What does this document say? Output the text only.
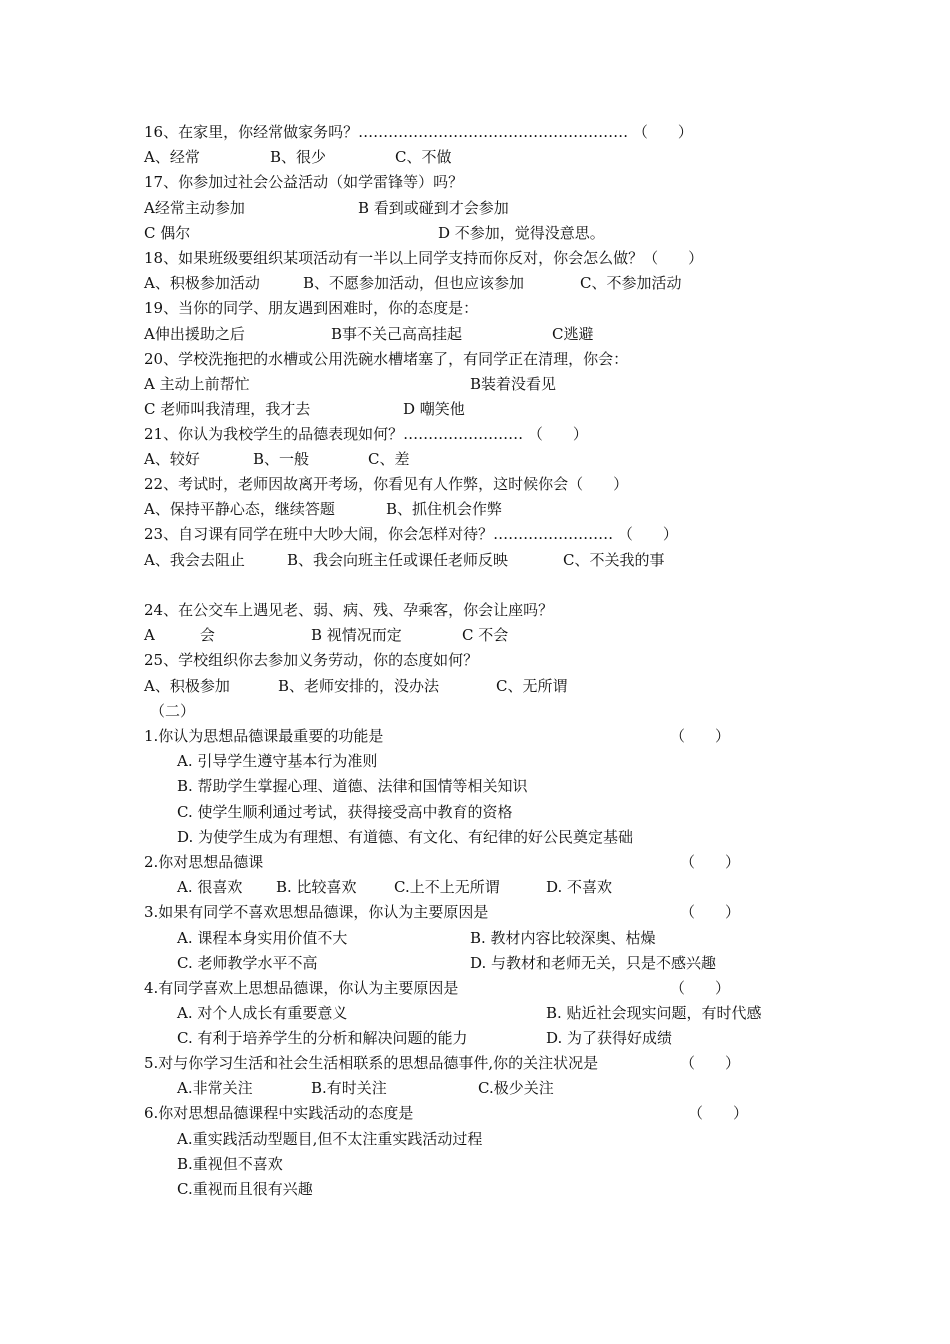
16、在家里，你经常做家务吗？……………………………………………… （　　）
A、经常	B、很少	C、不做
17、你参加过社会公益活动（如学雷锋等）吗？
A经常主动参加	B 看到或碰到才会参加
C 偶尔	D 不参加，觉得没意思。
18、如果班级要组织某项活动有一半以上同学支持而你反对，你会怎么做？（　　）
A、积极参加活动	B、不愿参加活动，但也应该参加	C、不参加活动
19、当你的同学、朋友遇到困难时，你的态度是：
A伸出援助之后	B事不关己高高挂起	C逃避
20、学校洗拖把的水槽或公用洗碗水槽堵塞了，有同学正在清理，你会：
A 主动上前帮忙	B装着没看见
C 老师叫我清理，我才去	D 嘲笑他
21、你认为我校学生的品德表现如何？…………………… （　　）
A、较好	B、一般	C、差
22、考试时，老师因故离开考场，你看见有人作弊，这时候你会（　　）
A、保持平静心态，继续答题	B、抓住机会作弊
23、自习课有同学在班中大吵大闹，你会怎样对待？…………………… （　　）
A、我会去阻止	B、我会向班主任或课任老师反映	C、不关我的事
24、在公交车上遇见老、弱、病、残、孕乘客，你会让座吗？
A　　　会	B 视情况而定	C 不会
25、学校组织你去参加义务劳动，你的态度如何？
A、积极参加	B、老师安排的，没办法	C、无所谓
（二）
1.你认为思想品德课最重要的功能是	（　　）
A. 引导学生遵守基本行为准则
B. 帮助学生掌握心理、道德、法律和国情等相关知识
C. 使学生顺利通过考试，获得接受高中教育的资格
D. 为使学生成为有理想、有道德、有文化、有纪律的好公民奠定基础
2.你对思想品德课	（　　）
A. 很喜欢 B. 比较喜欢 C.上不上无所谓	D. 不喜欢
3.如果有同学不喜欢思想品德课，你认为主要原因是	（　　）
A. 课程本身实用价值不大	B. 教材内容比较深奥、枯燥
C. 老师教学水平不高	D. 与教材和老师无关，只是不感兴趣
4.有同学喜欢上思想品德课，你认为主要原因是	（　　）
A. 对个人成长有重要意义	B. 贴近社会现实问题，有时代感
C. 有利于培养学生的分析和解决问题的能力	D. 为了获得好成绩
5.对与你学习生活和社会生活相联系的思想品德事件,你的关注状况是	（　　）
A.非常关注	B.有时关注	C.极少关注
6.你对思想品德课程中实践活动的态度是	（　　）
A.重实践活动型题目,但不太注重实践活动过程
B.重视但不喜欢
C.重视而且很有兴趣
